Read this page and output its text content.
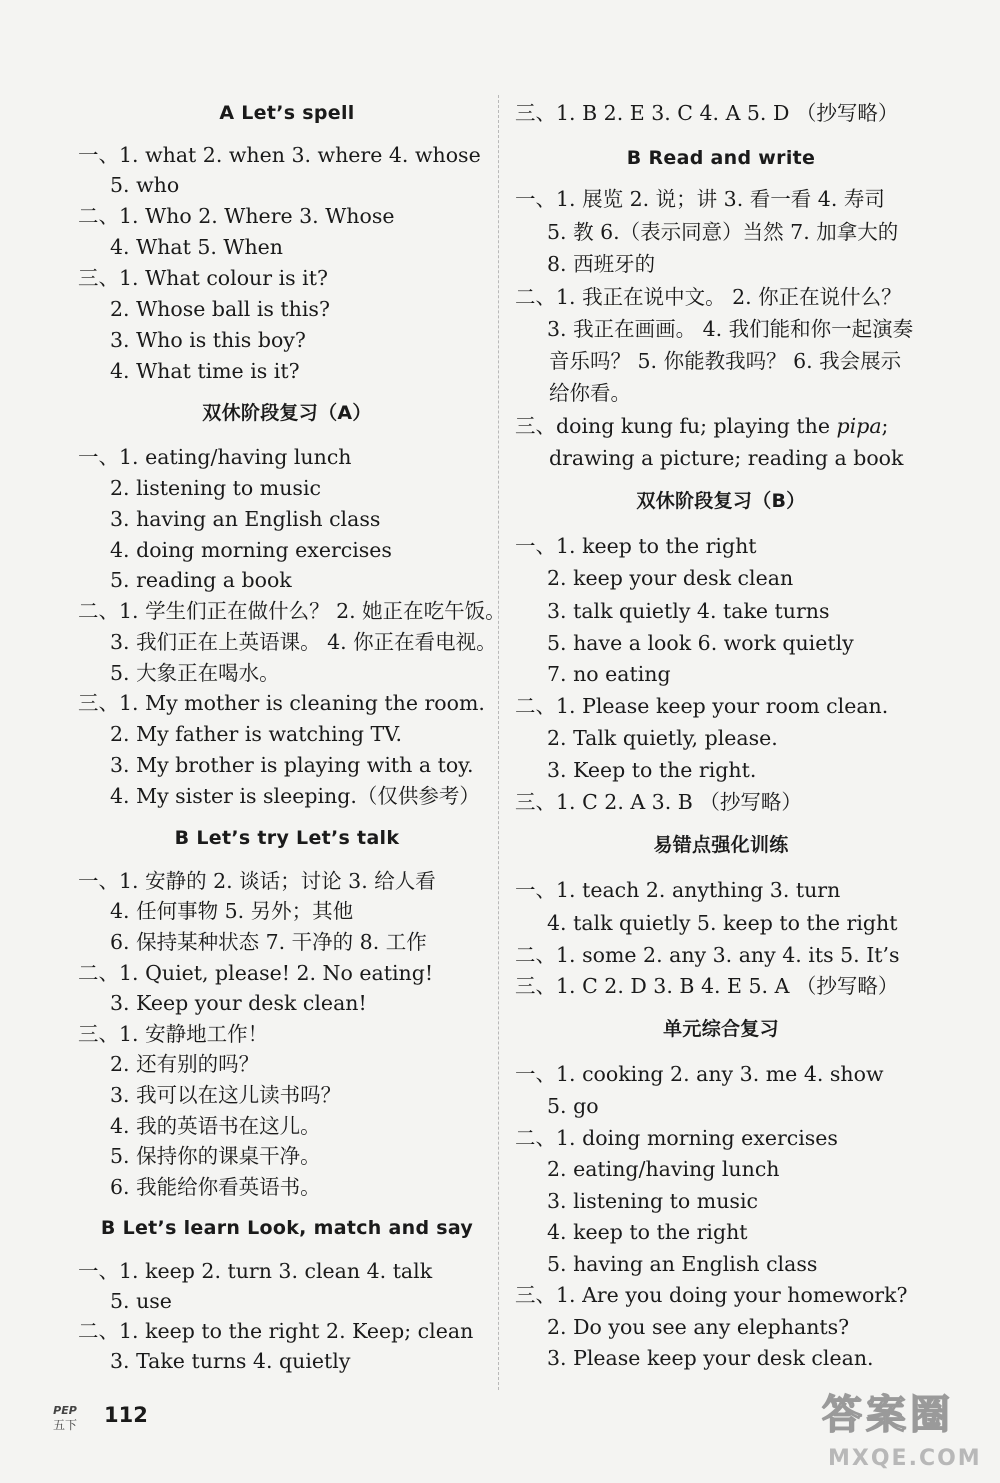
A Let’s spell
一、1. what 2. when 3. where 4. whose
5. who
二、1. Who 2. Where 3. Whose
4. What 5. When
三、1. What colour is it?
2. Whose ball is this?
3. Who is this boy?
4. What time is it?
双休阶段复习（A）
一、1. eating/having lunch
2. listening to music
3. having an English class
4. doing morning exercises
5. reading a book
二、1. 学生们正在做什么？ 2. 她正在吃午饭。
3. 我们正在上英语课。 4. 你正在看电视。
5. 大象正在喝水。
三、1. My mother is cleaning the room.
2. My father is watching TV.
3. My brother is playing with a toy.
4. My sister is sleeping.（仅供参考）
B Let’s try Let’s talk
一、1. 安静的 2. 谈话；讨论 3. 给人看
4. 任何事物 5. 另外；其他
6. 保持某种状态 7. 干净的 8. 工作
二、1. Quiet, please! 2. No eating!
3. Keep your desk clean!
三、1. 安静地工作！
2. 还有别的吗？
3. 我可以在这儿读书吗？
4. 我的英语书在这儿。
5. 保持你的课桌干净。
6. 我能给你看英语书。
B Let’s learn Look, match and say
一、1. keep 2. turn 3. clean 4. talk
5. use
二、1. keep to the right 2. Keep; clean
3. Take turns 4. quietly
三、1. B 2. E 3. C 4. A 5. D （抄写略）
B Read and write
一、1. 展览 2. 说；讲 3. 看一看 4. 寿司
5. 教 6.（表示同意）当然 7. 加拿大的
8. 西班牙的
二、1. 我正在说中文。 2. 你正在说什么？
3. 我正在画画。 4. 我们能和你一起演奏
音乐吗？ 5. 你能教我吗？ 6. 我会展示
给你看。
三、doing kung fu; playing the pipa;
drawing a picture; reading a book
双休阶段复习（B）
一、1. keep to the right
2. keep your desk clean
3. talk quietly 4. take turns
5. have a look 6. work quietly
7. no eating
二、1. Please keep your room clean.
2. Talk quietly, please.
3. Keep to the right.
三、1. C 2. A 3. B （抄写略）
易错点强化训练
一、1. teach 2. anything 3. turn
4. talk quietly 5. keep to the right
二、1. some 2. any 3. any 4. its 5. It’s
三、1. C 2. D 3. B 4. E 5. A （抄写略）
单元综合复习
一、1. cooking 2. any 3. me 4. show
5. go
二、1. doing morning exercises
2. eating/having lunch
3. listening to music
4. keep to the right
5. having an English class
三、1. Are you doing your homework?
2. Do you see any elephants?
3. Please keep your desk clean.
PEP
五下 112	答案圈
MXQE.COM
